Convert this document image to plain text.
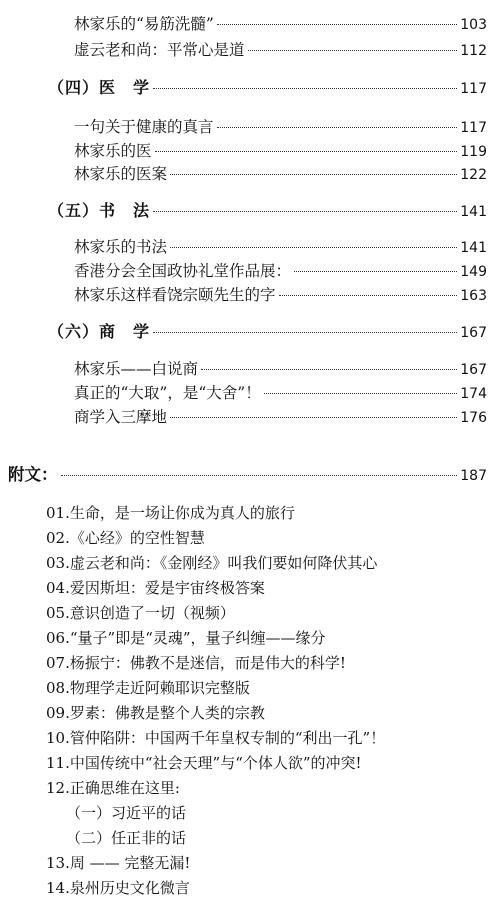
林家乐的“易筋洗髓”	103
虚云老和尚：平常心是道	112
（四）医　学	117
一句关于健康的真言	117
林家乐的医	119
林家乐的医案	122
（五）书　法	141
林家乐的书法	141
香港分会全国政协礼堂作品展：	149
林家乐这样看饶宗颐先生的字	163
（六）商　学	167
林家乐——白说商	167
真正的“大取”，是“大舍”！	174
商学入三摩地	176
附文：	187
01.生命，是一场让你成为真人的旅行
02.《心经》的空性智慧
03.虚云老和尚：《金刚经》叫我们要如何降伏其心
04.爱因斯坦：爱是宇宙终极答案
05.意识创造了一切（视频）
06.“量子”即是“灵魂”，量子纠缠——缘分
07.杨振宁：佛教不是迷信，而是伟大的科学!
08.物理学走近阿赖耶识完整版
09.罗素：佛教是整个人类的宗教
10.管仲陷阱：中国两千年皇权专制的“利出一孔”！
11.中国传统中“社会天理”与“个体人欲”的冲突!
12.正确思维在这里:
（一）习近平的话
（二）任正非的话
13.周 —— 完整无漏!
14.泉州历史文化微言
